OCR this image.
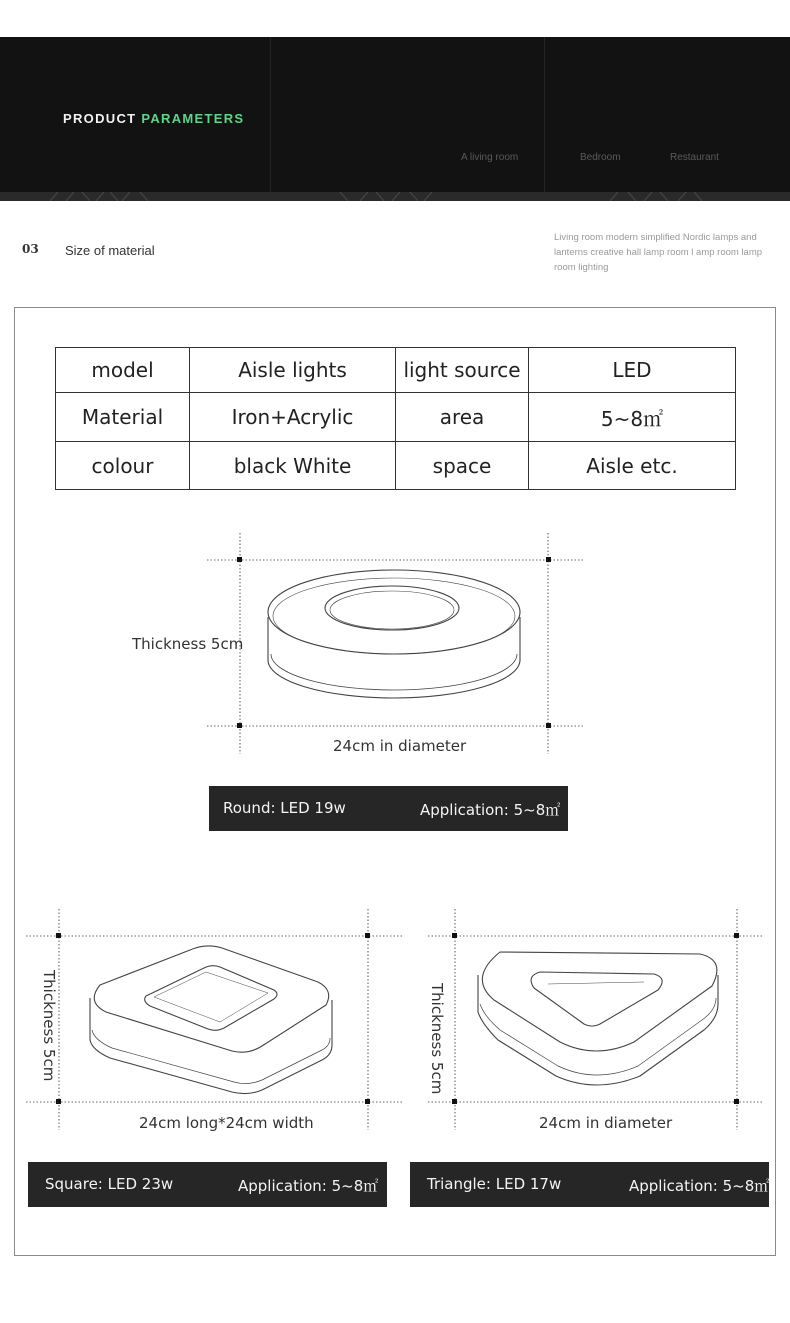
PRODUCT PARAMETERS
A living room	Bedroom	Restaurant
03 Size of material
Living room modern simplified Nordic lamps and lanterns creative hall lamp room l amp room lamp room lighting
model	Aisle lights	light source	LED
Material	Iron+Acrylic	area	5~8㎡
colour	black White	space	Aisle etc.
Thickness 5cm
24cm in diameter
Round: LED 19w	Application: 5~8㎡
Thickness 5cm
24cm long*24cm width
Square: LED 23w	Application: 5~8㎡
Thickness 5cm
24cm in diameter
Triangle: LED 17w	Application: 5~8㎡
